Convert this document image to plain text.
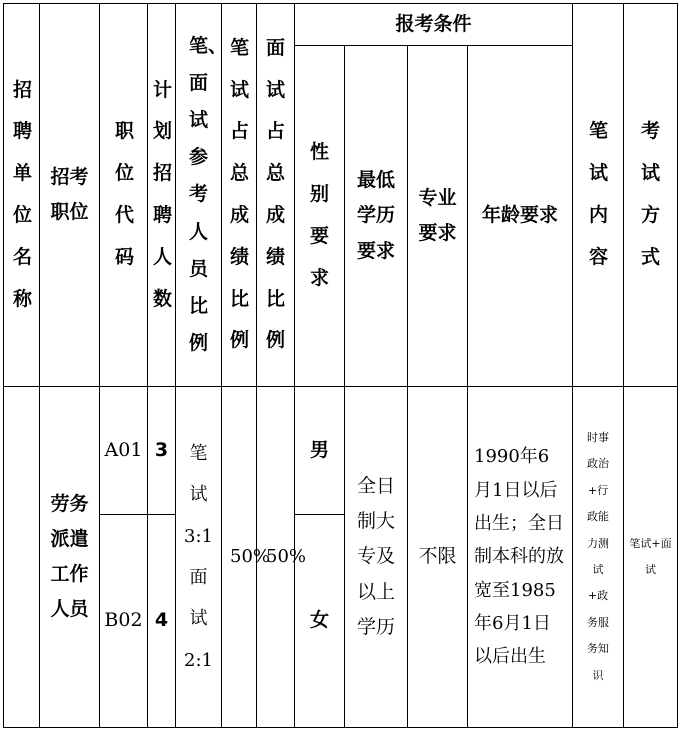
招聘单位名称	招考职位	职位代码	计划招聘人数	笔、面试参考人员比例	笔试占总成绩比例	面试占总成绩比例	报考条件				笔试内容	考试方式
							性别要求	最低学历要求	专业要求	年龄要求		
	劳务派遣工作人员	A01	3	笔试3:1面试2:1	50%	50%	男	全日制大专及以上学历	不限	1990年6月1日以后出生；全日制本科的放宽至1985年6月1日以后出生	时事政治+行政能力测试+政务服务知识	笔试+面试
		B02	4				女					
